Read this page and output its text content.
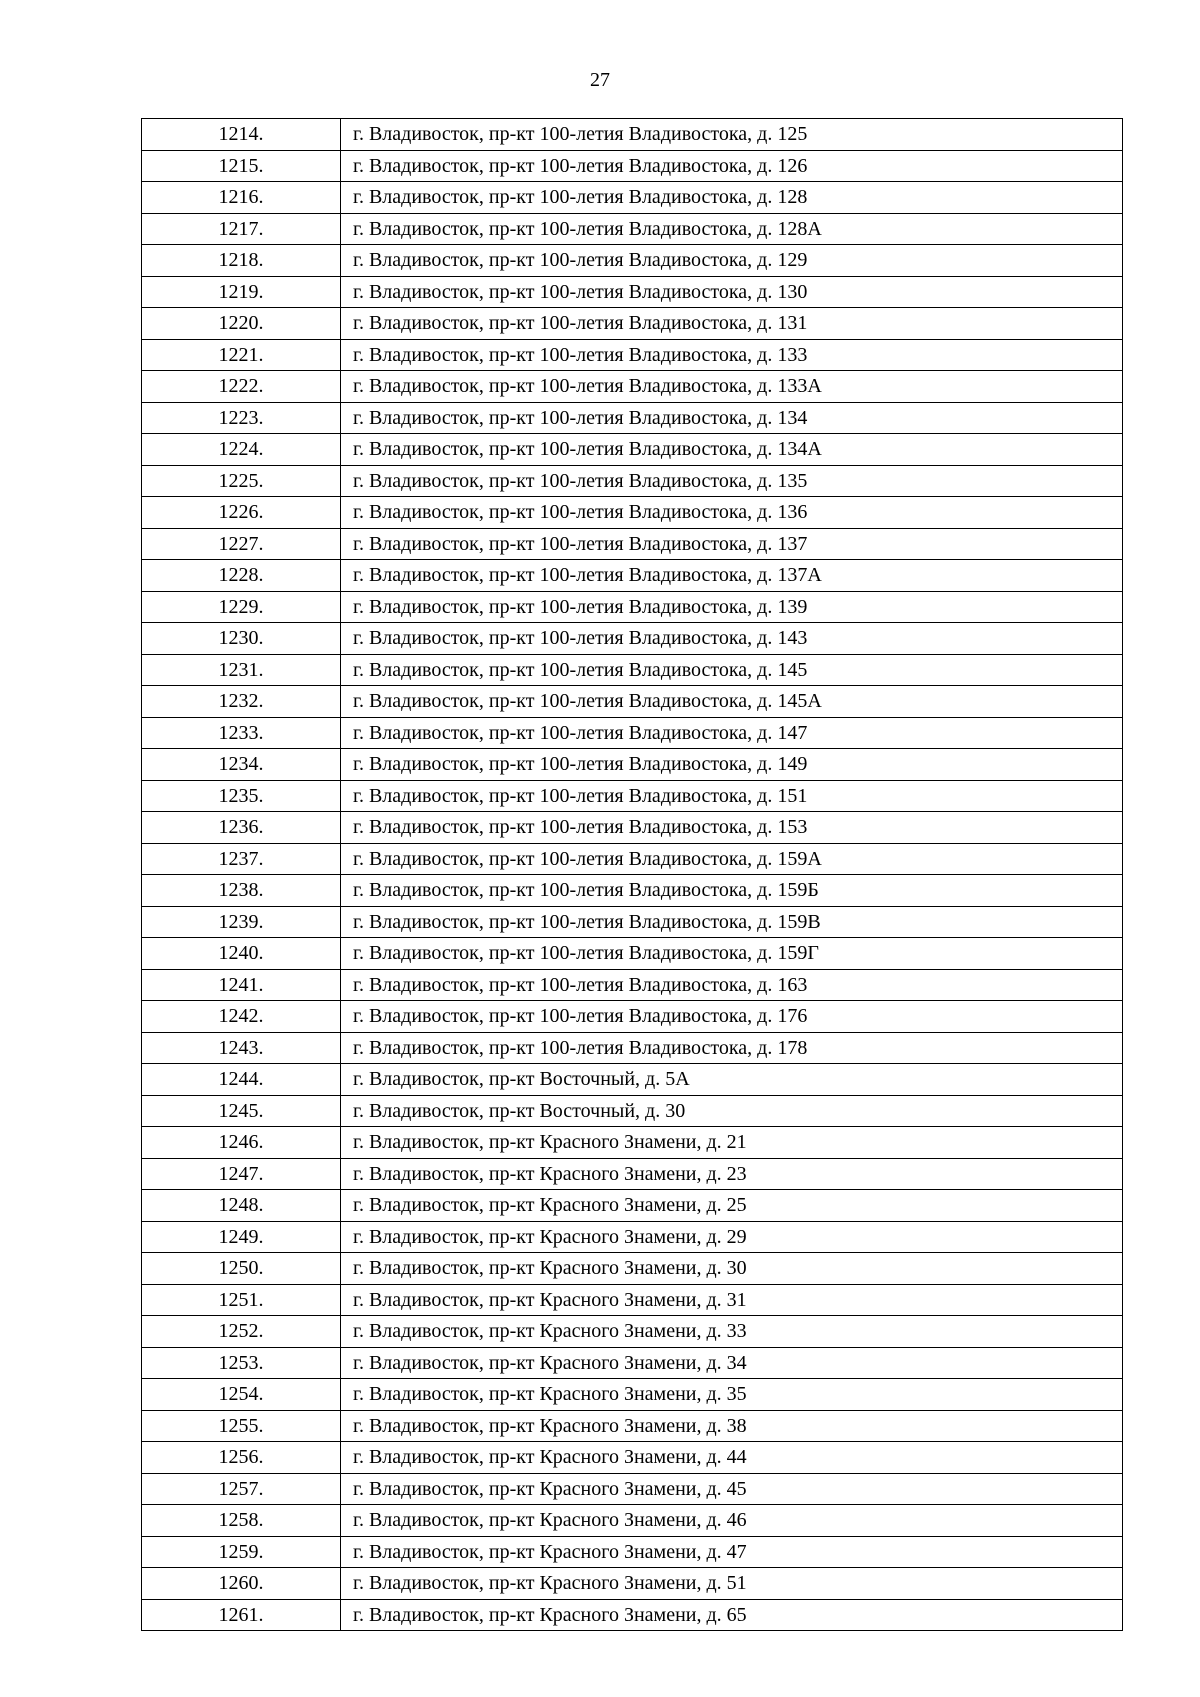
27
1214.	г. Владивосток, пр-кт 100-летия Владивостока, д. 125
1215.	г. Владивосток, пр-кт 100-летия Владивостока, д. 126
1216.	г. Владивосток, пр-кт 100-летия Владивостока, д. 128
1217.	г. Владивосток, пр-кт 100-летия Владивостока, д. 128А
1218.	г. Владивосток, пр-кт 100-летия Владивостока, д. 129
1219.	г. Владивосток, пр-кт 100-летия Владивостока, д. 130
1220.	г. Владивосток, пр-кт 100-летия Владивостока, д. 131
1221.	г. Владивосток, пр-кт 100-летия Владивостока, д. 133
1222.	г. Владивосток, пр-кт 100-летия Владивостока, д. 133А
1223.	г. Владивосток, пр-кт 100-летия Владивостока, д. 134
1224.	г. Владивосток, пр-кт 100-летия Владивостока, д. 134А
1225.	г. Владивосток, пр-кт 100-летия Владивостока, д. 135
1226.	г. Владивосток, пр-кт 100-летия Владивостока, д. 136
1227.	г. Владивосток, пр-кт 100-летия Владивостока, д. 137
1228.	г. Владивосток, пр-кт 100-летия Владивостока, д. 137А
1229.	г. Владивосток, пр-кт 100-летия Владивостока, д. 139
1230.	г. Владивосток, пр-кт 100-летия Владивостока, д. 143
1231.	г. Владивосток, пр-кт 100-летия Владивостока, д. 145
1232.	г. Владивосток, пр-кт 100-летия Владивостока, д. 145А
1233.	г. Владивосток, пр-кт 100-летия Владивостока, д. 147
1234.	г. Владивосток, пр-кт 100-летия Владивостока, д. 149
1235.	г. Владивосток, пр-кт 100-летия Владивостока, д. 151
1236.	г. Владивосток, пр-кт 100-летия Владивостока, д. 153
1237.	г. Владивосток, пр-кт 100-летия Владивостока, д. 159А
1238.	г. Владивосток, пр-кт 100-летия Владивостока, д. 159Б
1239.	г. Владивосток, пр-кт 100-летия Владивостока, д. 159В
1240.	г. Владивосток, пр-кт 100-летия Владивостока, д. 159Г
1241.	г. Владивосток, пр-кт 100-летия Владивостока, д. 163
1242.	г. Владивосток, пр-кт 100-летия Владивостока, д. 176
1243.	г. Владивосток, пр-кт 100-летия Владивостока, д. 178
1244.	г. Владивосток, пр-кт Восточный, д. 5А
1245.	г. Владивосток, пр-кт Восточный, д. 30
1246.	г. Владивосток, пр-кт Красного Знамени, д. 21
1247.	г. Владивосток, пр-кт Красного Знамени, д. 23
1248.	г. Владивосток, пр-кт Красного Знамени, д. 25
1249.	г. Владивосток, пр-кт Красного Знамени, д. 29
1250.	г. Владивосток, пр-кт Красного Знамени, д. 30
1251.	г. Владивосток, пр-кт Красного Знамени, д. 31
1252.	г. Владивосток, пр-кт Красного Знамени, д. 33
1253.	г. Владивосток, пр-кт Красного Знамени, д. 34
1254.	г. Владивосток, пр-кт Красного Знамени, д. 35
1255.	г. Владивосток, пр-кт Красного Знамени, д. 38
1256.	г. Владивосток, пр-кт Красного Знамени, д. 44
1257.	г. Владивосток, пр-кт Красного Знамени, д. 45
1258.	г. Владивосток, пр-кт Красного Знамени, д. 46
1259.	г. Владивосток, пр-кт Красного Знамени, д. 47
1260.	г. Владивосток, пр-кт Красного Знамени, д. 51
1261.	г. Владивосток, пр-кт Красного Знамени, д. 65
